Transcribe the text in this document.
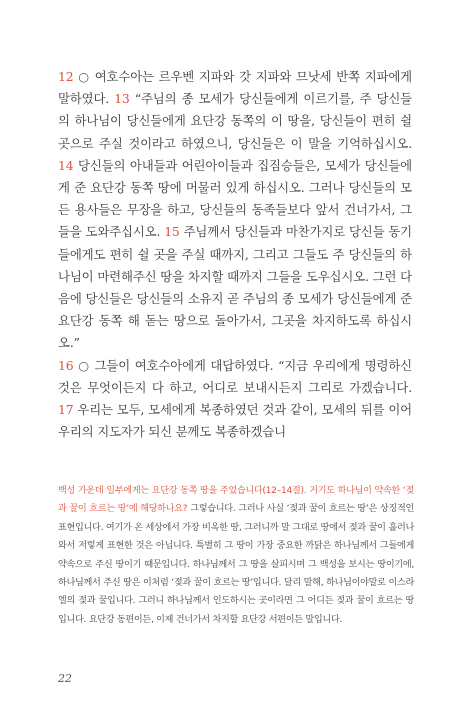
12 ○ 여호수아는 르우벤 지파와 갓 지파와 므낫세 반쪽 지파에게 말하였다. 13 “주님의 종 모세가 당신들에게 이르기를, 주 당신들의 하나님이 당신들에게 요단강 동쪽의 이 땅을, 당신들이 편히 쉴 곳으로 주실 것이라고 하였으니, 당신들은 이 말을 기억하십시오. 14 당신들의 아내들과 어린아이들과 집짐승들은, 모세가 당신들에게 준 요단강 동쪽 땅에 머물러 있게 하십시오. 그러나 당신들의 모든 용사들은 무장을 하고, 당신들의 동족들보다 앞서 건너가서, 그들을 도와주십시오. 15 주님께서 당신들과 마찬가지로 당신들 동기들에게도 편히 쉴 곳을 주실 때까지, 그리고 그들도 주 당신들의 하나님이 마련해주신 땅을 차지할 때까지 그들을 도우십시오. 그런 다음에 당신들은 당신들의 소유지 곧 주님의 종 모세가 당신들에게 준 요단강 동쪽 해 돋는 땅으로 돌아가서, 그곳을 차지하도록 하십시오.”

16 ○ 그들이 여호수아에게 대답하였다. “지금 우리에게 명령하신 것은 무엇이든지 다 하고, 어디로 보내시든지 그리로 가겠습니다. 17 우리는 모두, 모세에게 복종하였던 것과 같이, 모세의 뒤를 이어 우리의 지도자가 되신 분께도 복종하겠습니

백성 가운데 일부에게는 요단강 동쪽 땅을 주었습니다(12–14절). 거기도 하나님이 약속한 ‘젖과 꿀이 흐르는 땅’에 해당하나요? 그렇습니다. 그러나 사실 ‘젖과 꿀이 흐르는 땅’은 상징적인 표현입니다. 여기가 온 세상에서 가장 비옥한 땅, 그러니까 말 그대로 땅에서 젖과 꿀이 흘러나와서 저렇게 표현한 것은 아닙니다. 특별히 그 땅이 가장 중요한 까닭은 하나님께서 그들에게 약속으로 주신 땅이기 때문입니다. 하나님께서 그 땅을 살피시며 그 백성을 보시는 땅이기에, 하나님께서 주신 땅은 이처럼 ‘젖과 꿀이 흐르는 땅’입니다. 달리 말해, 하나님이야말로 이스라엘의 젖과 꿀입니다. 그러니 하나님께서 인도하시는 곳이라면 그 어디든 젖과 꿀이 흐르는 땅입니다. 요단강 동편이든, 이제 건너가서 차지할 요단강 서편이든 말입니다.
22
